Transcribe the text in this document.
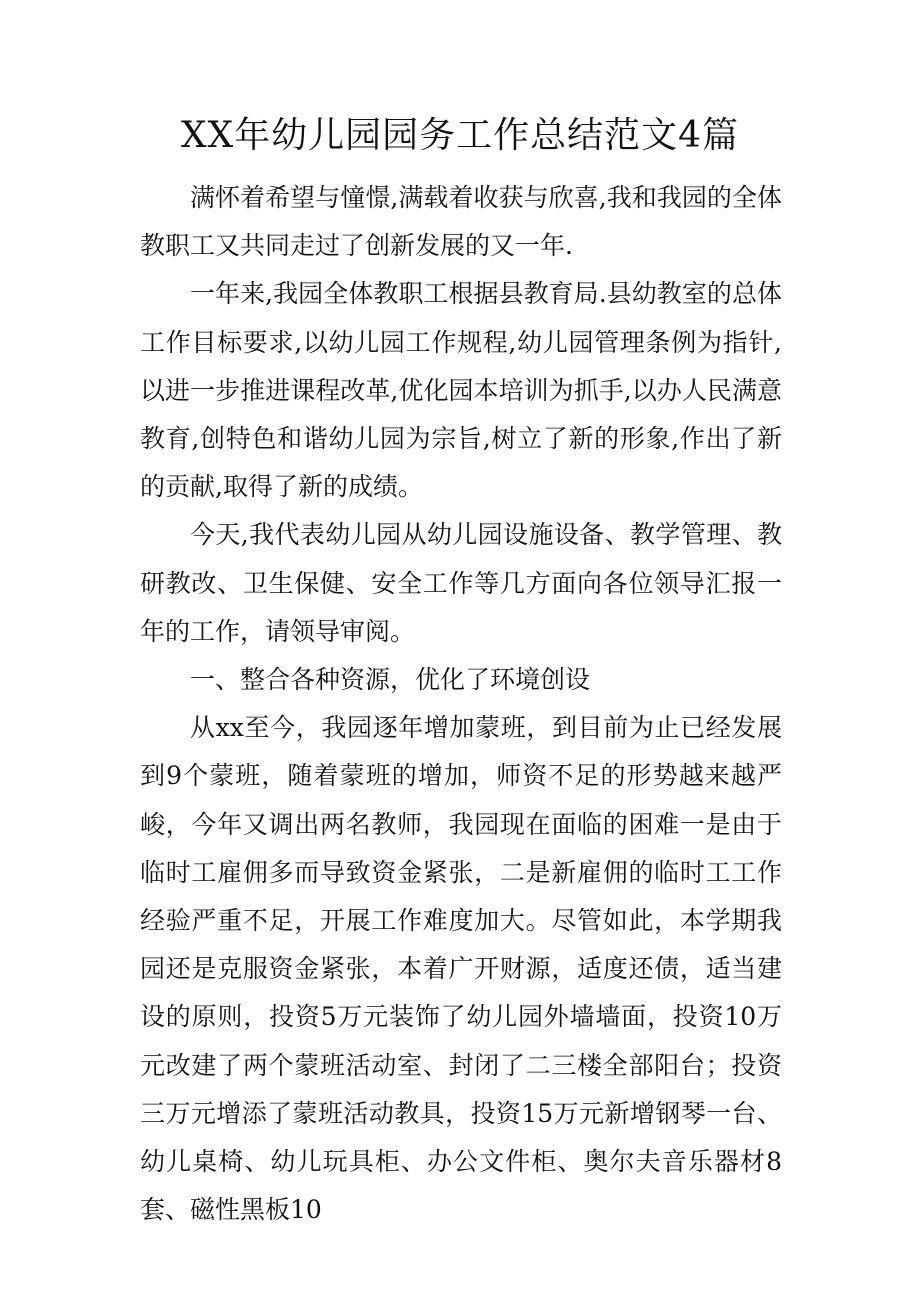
XX年幼儿园园务工作总结范文4篇

满怀着希望与憧憬,满载着收获与欣喜,我和我园的全体教职工又共同走过了创新发展的又一年.

一年来,我园全体教职工根据县教育局.县幼教室的总体工作目标要求,以幼儿园工作规程,幼儿园管理条例为指针,以进一步推进课程改革,优化园本培训为抓手,以办人民满意教育,创特色和谐幼儿园为宗旨,树立了新的形象,作出了新的贡献,取得了新的成绩。

今天,我代表幼儿园从幼儿园设施设备、教学管理、教研教改、卫生保健、安全工作等几方面向各位领导汇报一年的工作，请领导审阅。

一、整合各种资源，优化了环境创设

从xx至今，我园逐年增加蒙班，到目前为止已经发展到9个蒙班，随着蒙班的增加，师资不足的形势越来越严峻，今年又调出两名教师，我园现在面临的困难一是由于临时工雇佣多而导致资金紧张，二是新雇佣的临时工工作经验严重不足，开展工作难度加大。尽管如此，本学期我园还是克服资金紧张，本着广开财源，适度还债，适当建设的原则，投资5万元装饰了幼儿园外墙墙面，投资10万元改建了两个蒙班活动室、封闭了二三楼全部阳台；投资三万元增添了蒙班活动教具，投资15万元新增钢琴一台、幼儿桌椅、幼儿玩具柜、办公文件柜、奥尔夫音乐器材8套、磁性黑板10
